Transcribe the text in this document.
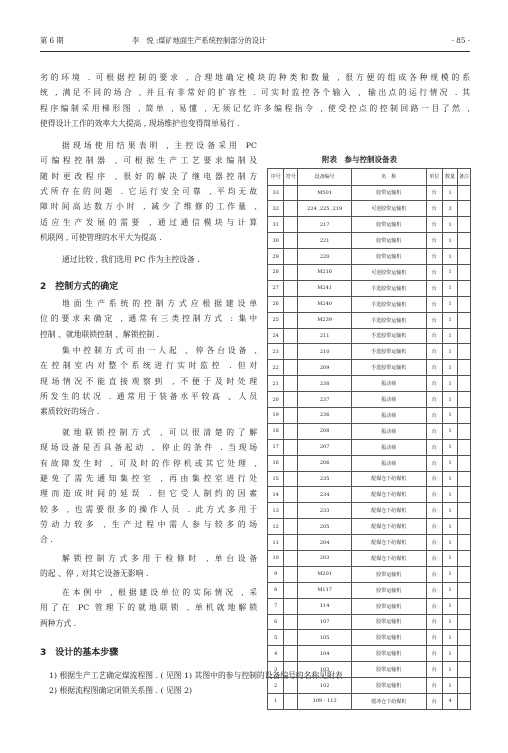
第 6 期	李　悦 :煤矿地面生产系统控制部分的设计	· 85 ·

劣的环境 . 可根据控制的要求 , 合理地确定模块的种类和数量 , 很方便的组成各种规模的系

统 , 满足不同的场合 , 并且有非常好的扩容性 . 可实时监控各个输入 、输出点的运行情况 . 其

程序编制采用梯形图 , 简单 , 易懂 , 无须记忆许多编程指令 , 使受控点的控制回路一目了然 ,

使得设计工作的效率大大提高 , 现场维护也变得简单易行 .

据现场使用结果表明 , 主控设备采用 PC

可编程控制器 , 可根据生产工艺要求编制及

随时更改程序 , 很好的解决了继电器控制方

式所存在的问题 . 它运行安全可靠 , 平均无故

障时间高达数万小时 , 减少了维修的工作量 ,

适应生产发展的需要 , 通过通信模块与计算

机联网 , 可使管理的水平大为提高 .

通过比较 , 我们选用 PC 作为主控设备 .

2　控制方式的确定

地面生产系统的控制方式应根据建设单

位的要求来确定 , 通常有三类控制方式 : 集中

控制 、就地联锁控制 、解锁控制 .

集中控制方式可由一人起 、停各台设备 ,

在控制室内对整个系统进行实时监控 . 但对

现场情况不能直接观察到 , 不便于及时处理

所发生的状况 . 通常用于装备水平较高 、人员

素质较好的场合 .

就地联锁控制方式 , 可以很清楚的了解

现场设备是否具备起动 、停止的条件 . 当现场

有故障发生时 , 可及时的作停机或其它处理 ,

避免了需先通知集控室 , 再由集控室进行处

理而造成时间的延误 . 但它受人制约的因素

较多 , 也需要很多的操作人员 . 此方式多用于

劳动力较多 , 生产过程中需人参与较多的场

合 .

解锁控制方式多用于检修时 , 单台设备

的起 、停 , 对其它设备无影响 .

在本例中 , 根据建设单位的实际情况 , 采

用了在 PC 管理下的就地联锁 , 单机就地解锁

两种方式 .

3　设计的基本步骤

1) 根据生产工艺确定煤流程图 . ( 见图 1) 其图中的参与控制的设备编号的名称见附表

2) 根据流程图确定闭锁关系图 . ( 见图 2)

附表　参与控制设备表
序号	符号	设备编号	名　称	单位	数量	备注
33		M501	胶带运输机	台	1	
32		224 ,225 ,219	可逆胶带运输机	台	3	
31		217	胶带运输机	台	1	
30		221	胶带运输机	台	1	
29		220	胶带运输机	台	1	
28		M216	可逆胶带运输机	台	1	
27		M241	手选胶带运输机	台	1	
26		M240	手选胶带运输机	台	1	
25		M239	手选胶带运输机	台	1	
24		211	手选胶带运输机	台	1	
23		210	手选胶带运输机	台	1	
22		209	手选胶带运输机	台	1	
21		238	振动筛	台	1	
20		237	振动筛	台	1	
19		236	振动筛	台	1	
18		208	振动筛	台	1	
17		207	振动筛	台	1	
16		206	振动筛	台	1	
15		235	配煤仓下给煤机	台	1	
14		234	配煤仓下给煤机	台	1	
13		233	配煤仓下给煤机	台	1	
12		205	配煤仓下给煤机	台	1	
11		204	配煤仓下给煤机	台	1	
10		203	配煤仓下给煤机	台	1	
9		M201	胶带运输机	台	1	
8		M117	胶带运输机	台	1	
7		114	胶带运输机	台	1	
6		107	胶带运输机	台	1	
5		105	胶带运输机	台	1	
4		104	胶带运输机	台	1	
3		103	胶带运输机	台	1	
2		102	胶带运输机	台	1	
1		109 - 112	缓冲仓下给煤机	台	4	
